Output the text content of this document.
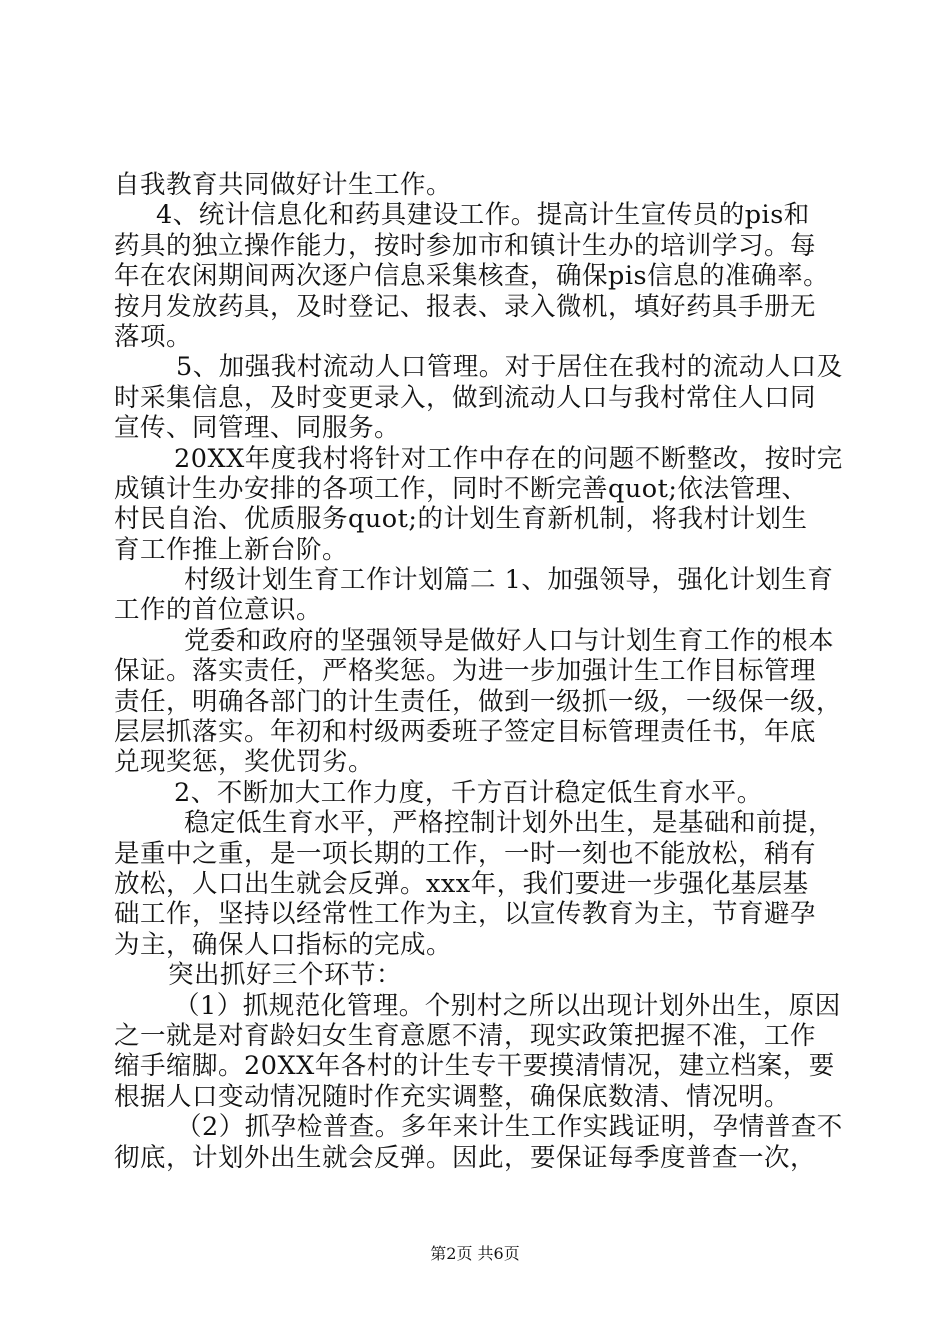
自我教育共同做好计生工作。
4、统计信息化和药具建设工作。提高计生宣传员的pis和
药具的独立操作能力，按时参加市和镇计生办的培训学习。每
年在农闲期间两次逐户信息采集核查，确保pis信息的准确率。
按月发放药具，及时登记、报表、录入微机，填好药具手册无
落项。
5、加强我村流动人口管理。对于居住在我村的流动人口及
时采集信息，及时变更录入，做到流动人口与我村常住人口同
宣传、同管理、同服务。
20XX年度我村将针对工作中存在的问题不断整改，按时完
成镇计生办安排的各项工作，同时不断完善quot;依法管理、
村民自治、优质服务quot;的计划生育新机制，将我村计划生
育工作推上新台阶。
村级计划生育工作计划篇二 1、加强领导，强化计划生育
工作的首位意识。
党委和政府的坚强领导是做好人口与计划生育工作的根本
保证。落实责任，严格奖惩。为进一步加强计生工作目标管理
责任，明确各部门的计生责任，做到一级抓一级，一级保一级，
层层抓落实。年初和村级两委班子签定目标管理责任书，年底
兑现奖惩，奖优罚劣。
2、不断加大工作力度，千方百计稳定低生育水平。
稳定低生育水平，严格控制计划外出生，是基础和前提，
是重中之重，是一项长期的工作，一时一刻也不能放松，稍有
放松，人口出生就会反弹。xxx年，我们要进一步强化基层基
础工作，坚持以经常性工作为主，以宣传教育为主，节育避孕
为主，确保人口指标的完成。
突出抓好三个环节：
（1）抓规范化管理。个别村之所以出现计划外出生，原因
之一就是对育龄妇女生育意愿不清，现实政策把握不准，工作
缩手缩脚。20XX年各村的计生专干要摸清情况，建立档案，要
根据人口变动情况随时作充实调整，确保底数清、情况明。
（2）抓孕检普查。多年来计生工作实践证明，孕情普查不
彻底，计划外出生就会反弹。因此，要保证每季度普查一次，
第2页 共6页
